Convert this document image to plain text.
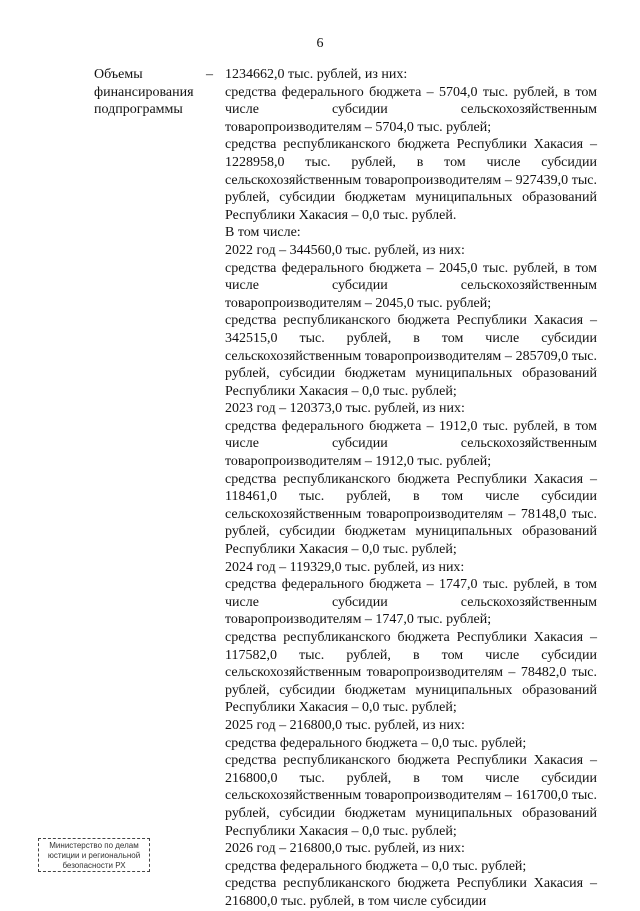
6
Объемы финансирования подпрограммы
– 1234662,0 тыс. рублей, из них:

средства федерального бюджета – 5704,0 тыс. рублей, в том числе субсидии сельскохозяйственным товаропроизводителям – 5704,0 тыс. рублей;

средства республиканского бюджета Республики Хакасия – 1228958,0 тыс. рублей, в том числе субсидии сельскохозяйственным товаропроизводителям – 927439,0 тыс. рублей, субсидии бюджетам муниципальных образований Республики Хакасия – 0,0 тыс. рублей.

В том числе:

2022 год – 344560,0 тыс. рублей, из них:

средства федерального бюджета – 2045,0 тыс. рублей, в том числе субсидии сельскохозяйственным товаропроизводителям – 2045,0 тыс. рублей;

средства республиканского бюджета Республики Хакасия – 342515,0 тыс. рублей, в том числе субсидии сельскохозяйственным товаропроизводителям – 285709,0 тыс. рублей, субсидии бюджетам муниципальных образований Республики Хакасия – 0,0 тыс. рублей;

2023 год – 120373,0 тыс. рублей, из них:

средства федерального бюджета – 1912,0 тыс. рублей, в том числе субсидии сельскохозяйственным товаропроизводителям – 1912,0 тыс. рублей;

средства республиканского бюджета Республики Хакасия – 118461,0 тыс. рублей, в том числе субсидии сельскохозяйственным товаропроизводителям – 78148,0 тыс. рублей, субсидии бюджетам муниципальных образований Республики Хакасия – 0,0 тыс. рублей;

2024 год – 119329,0 тыс. рублей, из них:

средства федерального бюджета – 1747,0 тыс. рублей, в том числе субсидии сельскохозяйственным товаропроизводителям – 1747,0 тыс. рублей;

средства республиканского бюджета Республики Хакасия – 117582,0 тыс. рублей, в том числе субсидии сельскохозяйственным товаропроизводителям – 78482,0 тыс. рублей, субсидии бюджетам муниципальных образований Республики Хакасия – 0,0 тыс. рублей;

2025 год – 216800,0 тыс. рублей, из них:

средства федерального бюджета – 0,0 тыс. рублей;

средства республиканского бюджета Республики Хакасия – 216800,0 тыс. рублей, в том числе субсидии сельскохозяйственным товаропроизводителям – 161700,0 тыс. рублей, субсидии бюджетам муниципальных образований Республики Хакасия – 0,0 тыс. рублей;

2026 год – 216800,0 тыс. рублей, из них:

средства федерального бюджета – 0,0 тыс. рублей;

средства республиканского бюджета Республики Хакасия – 216800,0 тыс. рублей, в том числе субсидии

Министерство по делам
юстиции и региональной
безопасности РХ
